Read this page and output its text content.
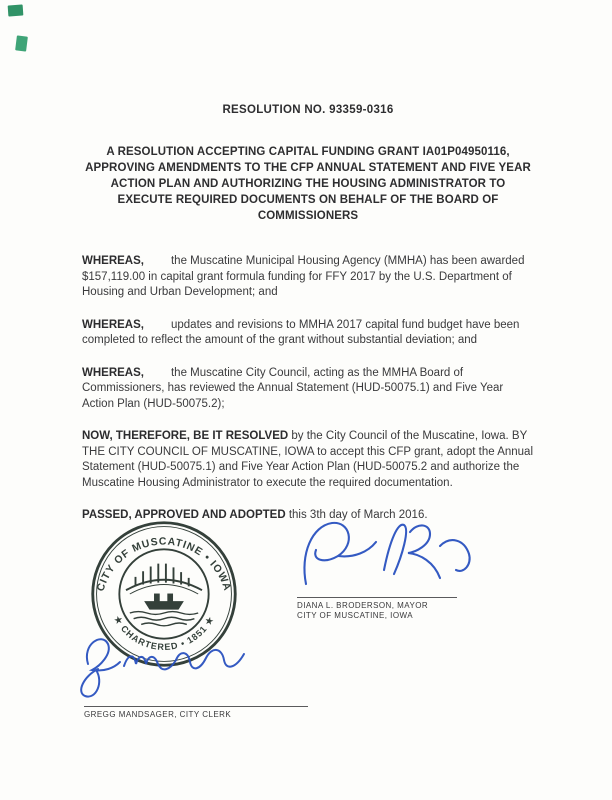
RESOLUTION NO. 93359-0316

A RESOLUTION ACCEPTING CAPITAL FUNDING GRANT IA01P04950116, APPROVING AMENDMENTS TO THE CFP ANNUAL STATEMENT AND FIVE YEAR ACTION PLAN AND AUTHORIZING THE HOUSING ADMINISTRATOR TO EXECUTE REQUIRED DOCUMENTS ON BEHALF OF THE BOARD OF COMMISSIONERS

WHEREAS, the Muscatine Municipal Housing Agency (MMHA) has been awarded $157,119.00 in capital grant formula funding for FFY 2017 by the U.S. Department of Housing and Urban Development; and

WHEREAS, updates and revisions to MMHA 2017 capital fund budget have been completed to reflect the amount of the grant without substantial deviation; and

WHEREAS, the Muscatine City Council, acting as the MMHA Board of Commissioners, has reviewed the Annual Statement (HUD-50075.1) and Five Year Action Plan (HUD-50075.2);

NOW, THEREFORE, BE IT RESOLVED by the City Council of the Muscatine, Iowa. BY THE CITY COUNCIL OF MUSCATINE, IOWA to accept this CFP grant, adopt the Annual Statement (HUD-50075.1) and Five Year Action Plan (HUD-50075.2 and authorize the Muscatine Housing Administrator to execute the required documentation.

PASSED, APPROVED AND ADOPTED this 3th day of March 2016.

CITY OF MUSCATINE • IOWA
★ CHARTERED • 1851 ★
DIANA L. BRODERSON, MAYOR
CITY OF MUSCATINE, IOWA
GREGG MANDSAGER, CITY CLERK
